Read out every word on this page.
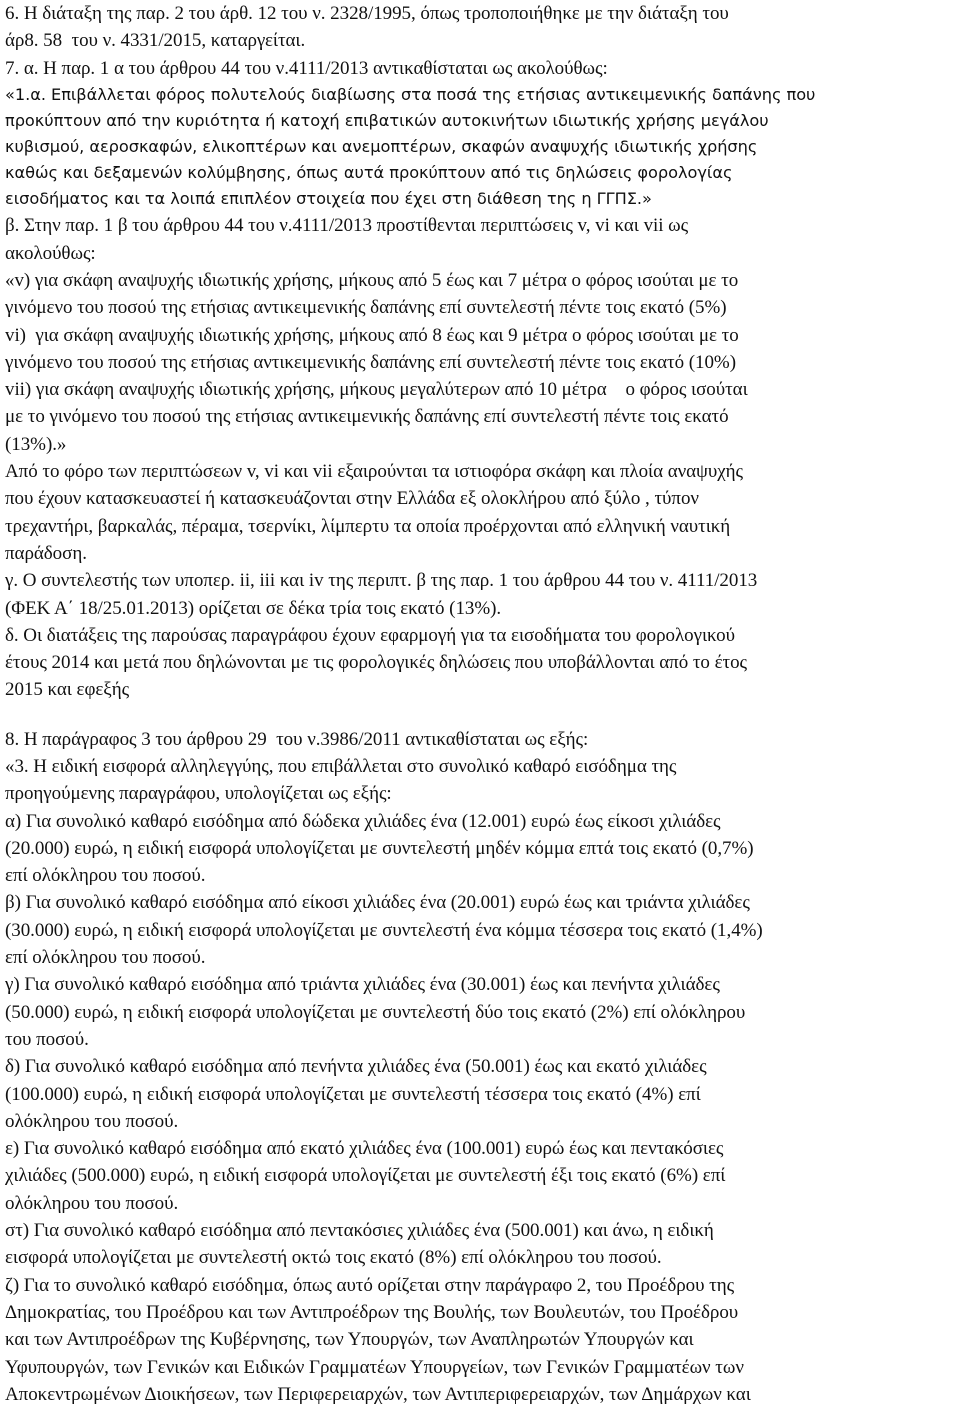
6. Η διάταξη της παρ. 2 του άρθ. 12 του ν. 2328/1995, όπως τροποποιήθηκε με την διάταξη του
άρ8. 58  του ν. 4331/2015, καταργείται.
7. α. Η παρ. 1 α του άρθρου 44 του ν.4111/2013 αντικαθίσταται ως ακολούθως:
«1.α. Επιβάλλεται φόρος πολυτελούς διαβίωσης στα ποσά της ετήσιας αντικειμενικής δαπάνης που
προκύπτουν από την κυριότητα ή κατοχή επιβατικών αυτοκινήτων ιδιωτικής χρήσης μεγάλου
κυβισμού, αεροσκαφών, ελικοπτέρων και ανεμοπτέρων, σκαφών αναψυχής ιδιωτικής χρήσης
καθώς και δεξαμενών κολύμβησης, όπως αυτά προκύπτουν από τις δηλώσεις φορολογίας
εισοδήματος και τα λοιπά επιπλέον στοιχεία που έχει στη διάθεση της η ΓΓΠΣ.»
β. Στην παρ. 1 β του άρθρου 44 του ν.4111/2013 προστίθενται περιπτώσεις v, vi και vii ως
ακολούθως:
«v) για σκάφη αναψυχής ιδιωτικής χρήσης, μήκους από 5 έως και 7 μέτρα ο φόρος ισούται με το
γινόμενο του ποσού της ετήσιας αντικειμενικής δαπάνης επί συντελεστή πέντε τοις εκατό (5%)
vi)  για σκάφη αναψυχής ιδιωτικής χρήσης, μήκους από 8 έως και 9 μέτρα ο φόρος ισούται με το
γινόμενο του ποσού της ετήσιας αντικειμενικής δαπάνης επί συντελεστή πέντε τοις εκατό (10%)
vii) για σκάφη αναψυχής ιδιωτικής χρήσης, μήκους μεγαλύτερων από 10 μέτρα    ο φόρος ισούται
με το γινόμενο του ποσού της ετήσιας αντικειμενικής δαπάνης επί συντελεστή πέντε τοις εκατό
(13%).»
Από το φόρο των περιπτώσεων v, vi και vii εξαιρούνται τα ιστιοφόρα σκάφη και πλοία αναψυχής
που έχουν κατασκευαστεί ή κατασκευάζονται στην Ελλάδα εξ ολοκλήρου από ξύλο , τύπον
τρεχαντήρι, βαρκαλάς, πέραμα, τσερνίκι, λίμπερτυ τα οποία προέρχονται από ελληνική ναυτική
παράδοση.
γ. Ο συντελεστής των υποπερ. ii, iii και iv της περιπτ. β της παρ. 1 του άρθρου 44 του ν. 4111/2013
(ΦΕΚ Α΄ 18/25.01.2013) ορίζεται σε δέκα τρία τοις εκατό (13%).
δ. Οι διατάξεις της παρούσας παραγράφου έχουν εφαρμογή για τα εισοδήματα του φορολογικού
έτους 2014 και μετά που δηλώνονται με τις φορολογικές δηλώσεις που υποβάλλονται από το έτος
2015 και εφεξής
8. Η παράγραφος 3 του άρθρου 29  του ν.3986/2011 αντικαθίσταται ως εξής:
«3. Η ειδική εισφορά αλληλεγγύης, που επιβάλλεται στο συνολικό καθαρό εισόδημα της
προηγούμενης παραγράφου, υπολογίζεται ως εξής:
α) Για συνολικό καθαρό εισόδημα από δώδεκα χιλιάδες ένα (12.001) ευρώ έως είκοσι χιλιάδες
(20.000) ευρώ, η ειδική εισφορά υπολογίζεται με συντελεστή μηδέν κόμμα επτά τοις εκατό (0,7%)
επί ολόκληρου του ποσού.
β) Για συνολικό καθαρό εισόδημα από είκοσι χιλιάδες ένα (20.001) ευρώ έως και τριάντα χιλιάδες
(30.000) ευρώ, η ειδική εισφορά υπολογίζεται με συντελεστή ένα κόμμα τέσσερα τοις εκατό (1,4%)
επί ολόκληρου του ποσού.
γ) Για συνολικό καθαρό εισόδημα από τριάντα χιλιάδες ένα (30.001) έως και πενήντα χιλιάδες
(50.000) ευρώ, η ειδική εισφορά υπολογίζεται με συντελεστή δύο τοις εκατό (2%) επί ολόκληρου
του ποσού.
δ) Για συνολικό καθαρό εισόδημα από πενήντα χιλιάδες ένα (50.001) έως και εκατό χιλιάδες
(100.000) ευρώ, η ειδική εισφορά υπολογίζεται με συντελεστή τέσσερα τοις εκατό (4%) επί
ολόκληρου του ποσού.
ε) Για συνολικό καθαρό εισόδημα από εκατό χιλιάδες ένα (100.001) ευρώ έως και πεντακόσιες
χιλιάδες (500.000) ευρώ, η ειδική εισφορά υπολογίζεται με συντελεστή έξι τοις εκατό (6%) επί
ολόκληρου του ποσού.
στ) Για συνολικό καθαρό εισόδημα από πεντακόσιες χιλιάδες ένα (500.001) και άνω, η ειδική
εισφορά υπολογίζεται με συντελεστή οκτώ τοις εκατό (8%) επί ολόκληρου του ποσού.
ζ) Για το συνολικό καθαρό εισόδημα, όπως αυτό ορίζεται στην παράγραφο 2, του Προέδρου της
Δημοκρατίας, του Προέδρου και των Αντιπροέδρων της Βουλής, των Βουλευτών, του Προέδρου
και των Αντιπροέδρων της Κυβέρνησης, των Υπουργών, των Αναπληρωτών Υπουργών και
Υφυπουργών, των Γενικών και Ειδικών Γραμματέων Υπουργείων, των Γενικών Γραμματέων των
Αποκεντρωμένων Διοικήσεων, των Περιφερειαρχών, των Αντιπεριφερειαρχών, των Δημάρχων και
